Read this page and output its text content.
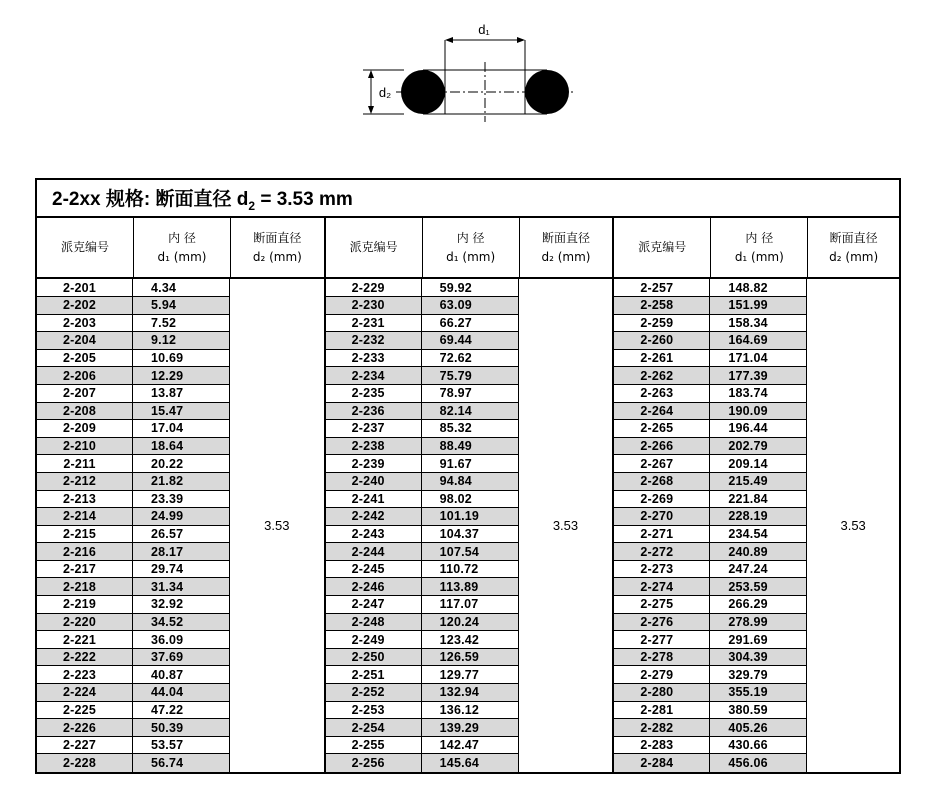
d₁
d₂
2-2xx 规格: 断面直径 $d_2 = 3.53$ mm
派克编号
内 径
d₁ (mm)
断面直径
d₂ (mm)
2-201	4.34
2-202	5.94
2-203	7.52
2-204	9.12
2-205	10.69
2-206	12.29
2-207	13.87
2-208	15.47
2-209	17.04
2-210	18.64
2-211	20.22
2-212	21.82
2-213	23.39
2-214	24.99
2-215	26.57
2-216	28.17
2-217	29.74
2-218	31.34
2-219	32.92
2-220	34.52
2-221	36.09
2-222	37.69
2-223	40.87
2-224	44.04
2-225	47.22
2-226	50.39
2-227	53.57
2-228	56.74
3.53
派克编号
内 径
d₁ (mm)
断面直径
d₂ (mm)
2-229	59.92
2-230	63.09
2-231	66.27
2-232	69.44
2-233	72.62
2-234	75.79
2-235	78.97
2-236	82.14
2-237	85.32
2-238	88.49
2-239	91.67
2-240	94.84
2-241	98.02
2-242	101.19
2-243	104.37
2-244	107.54
2-245	110.72
2-246	113.89
2-247	117.07
2-248	120.24
2-249	123.42
2-250	126.59
2-251	129.77
2-252	132.94
2-253	136.12
2-254	139.29
2-255	142.47
2-256	145.64
3.53
派克编号
内 径
d₁ (mm)
断面直径
d₂ (mm)
2-257	148.82
2-258	151.99
2-259	158.34
2-260	164.69
2-261	171.04
2-262	177.39
2-263	183.74
2-264	190.09
2-265	196.44
2-266	202.79
2-267	209.14
2-268	215.49
2-269	221.84
2-270	228.19
2-271	234.54
2-272	240.89
2-273	247.24
2-274	253.59
2-275	266.29
2-276	278.99
2-277	291.69
2-278	304.39
2-279	329.79
2-280	355.19
2-281	380.59
2-282	405.26
2-283	430.66
2-284	456.06
3.53
